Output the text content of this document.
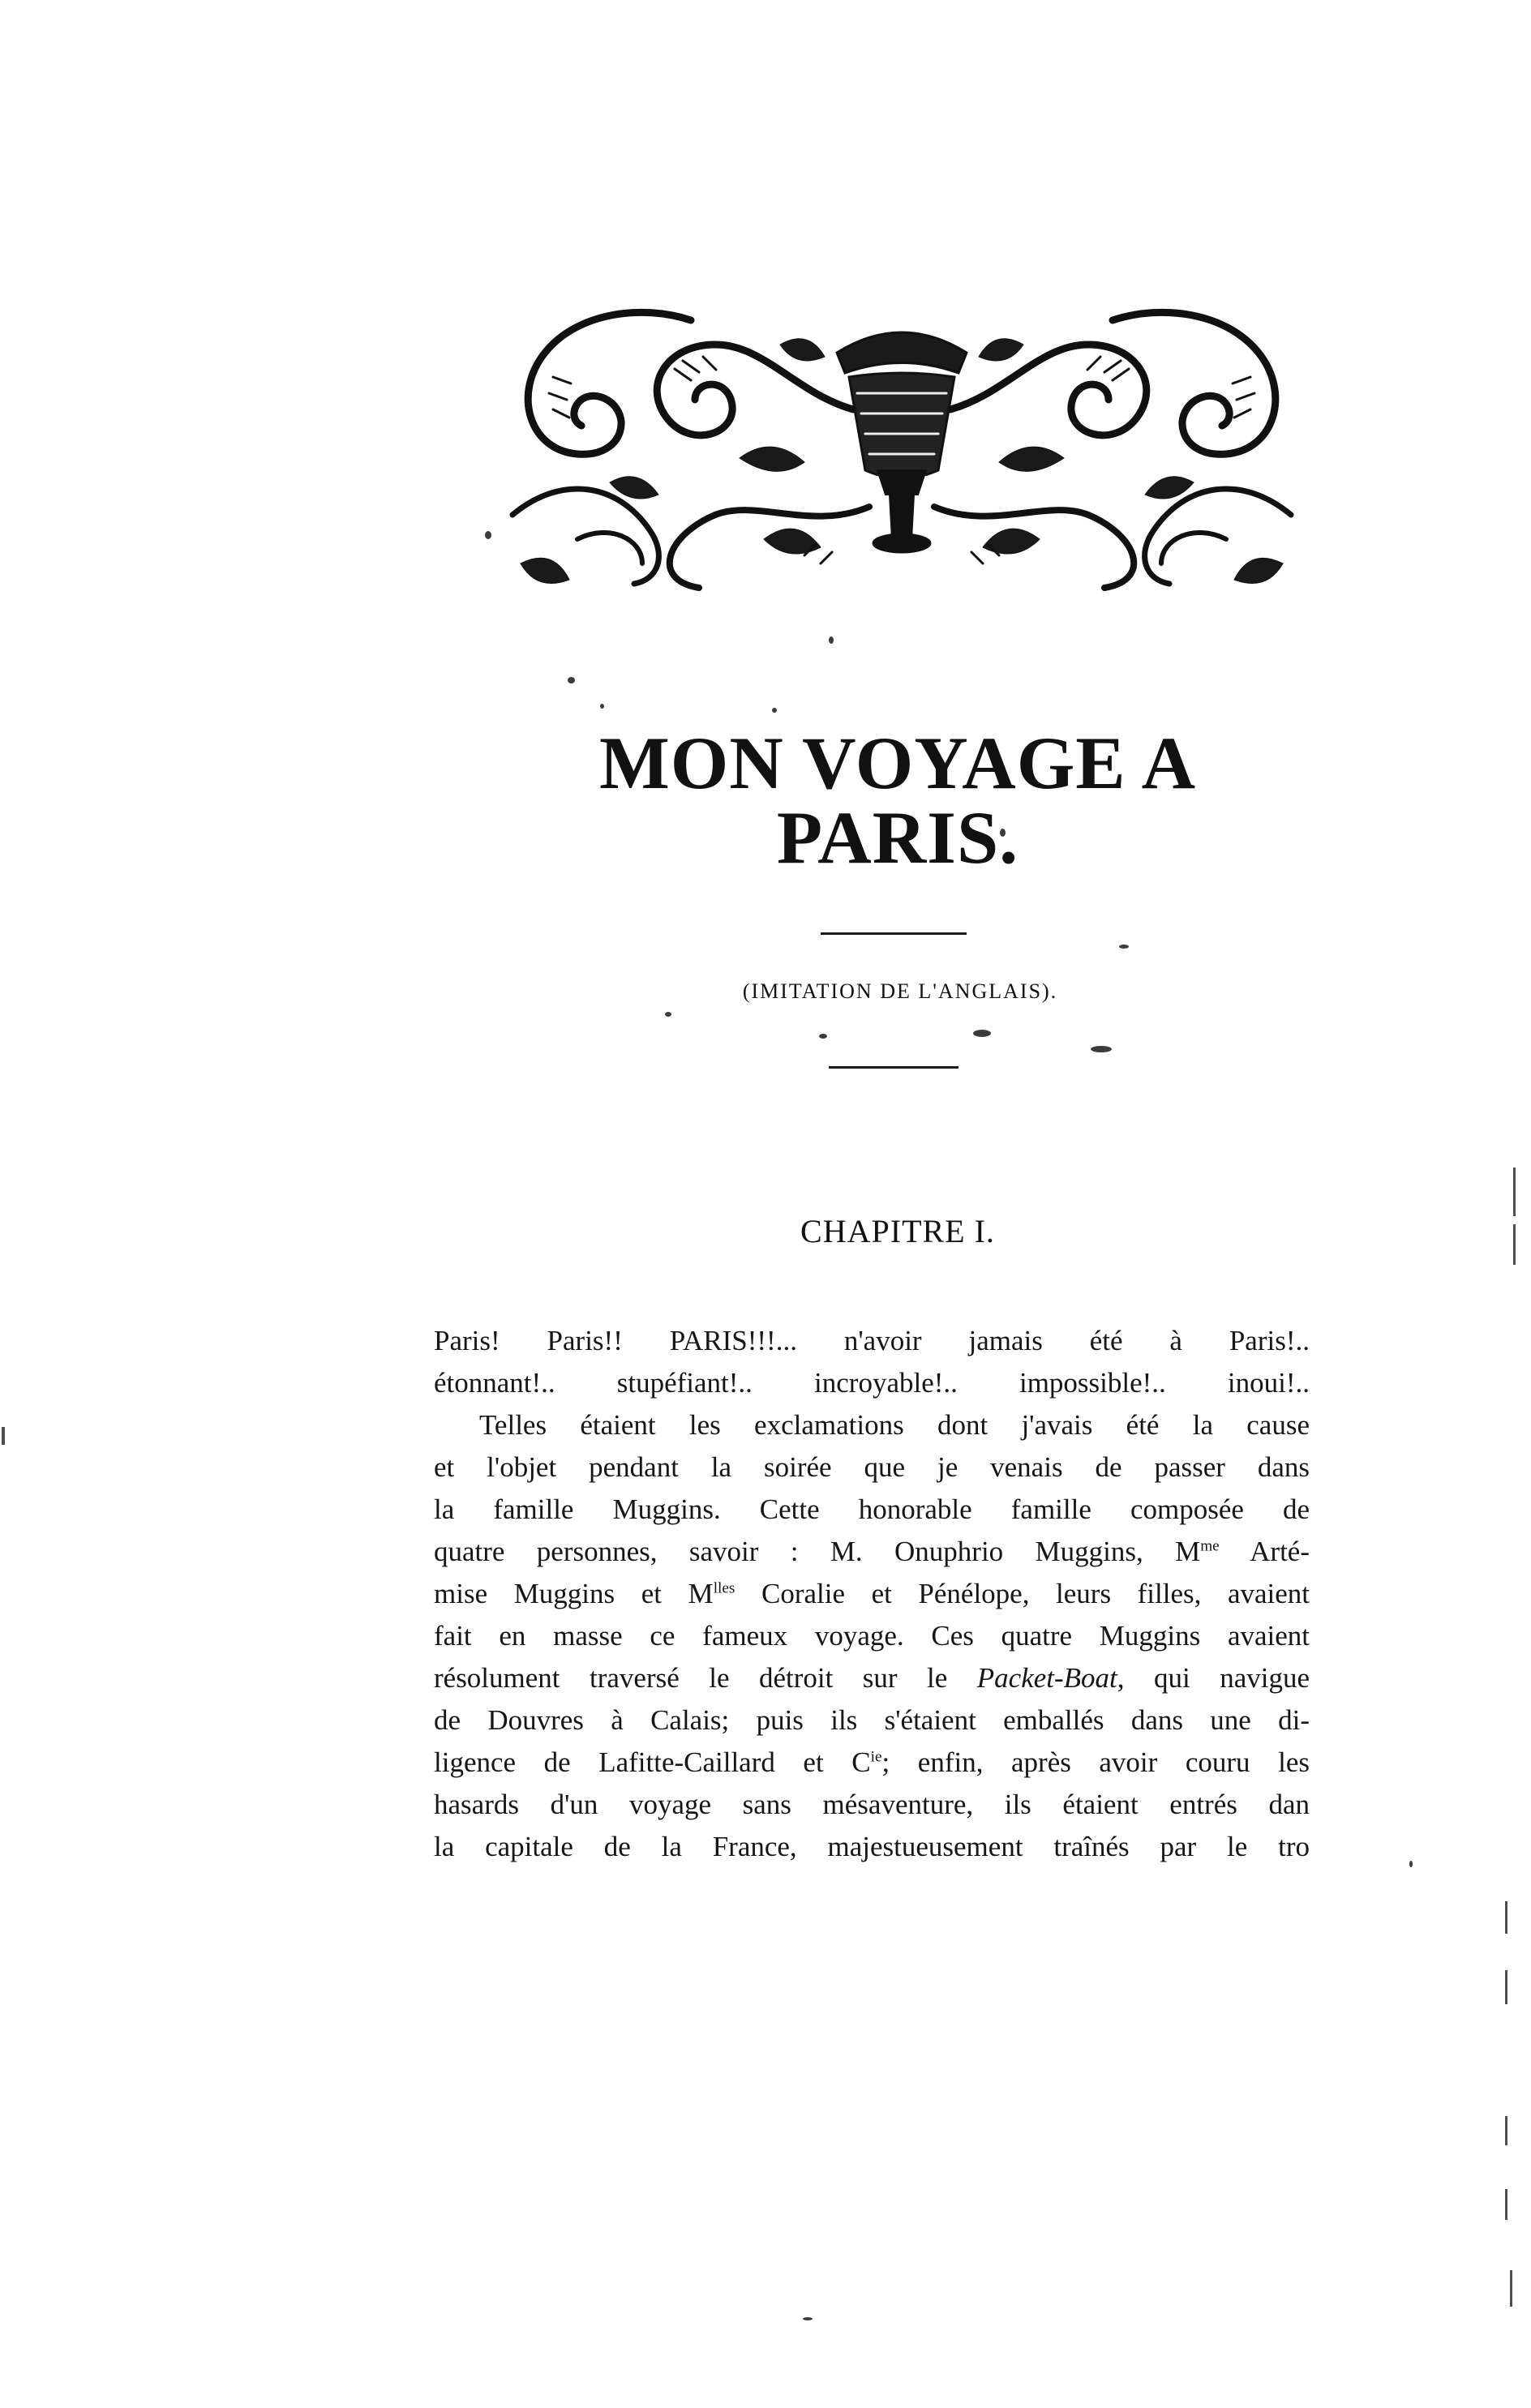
MON VOYAGE A PARIS.
(IMITATION DE L'ANGLAIS).
CHAPITRE I.
Paris! Paris!! PARIS!!!... n'avoir jamais été à Paris!..
étonnant!.. stupéfiant!.. incroyable!.. impossible!.. inoui!..
Telles étaient les exclamations dont j'avais été la cause
et l'objet pendant la soirée que je venais de passer dans
la famille Muggins. Cette honorable famille composée de
quatre personnes, savoir : M. Onuphrio Muggins, $M^{me}$ Arté-
mise Muggins et $M^{lles}$ Coralie et Pénélope, leurs filles, avaient
fait en masse ce fameux voyage. Ces quatre Muggins avaient
résolument traversé le détroit sur le Packet-Boat, qui navigue
de Douvres à Calais; puis ils s'étaient emballés dans une di-
ligence de Lafitte-Caillard et $C^{ie}$; enfin, après avoir couru les
hasards d'un voyage sans mésaventure, ils étaient entrés dan
la capitale de la France, majestueusement traînés par le tro
